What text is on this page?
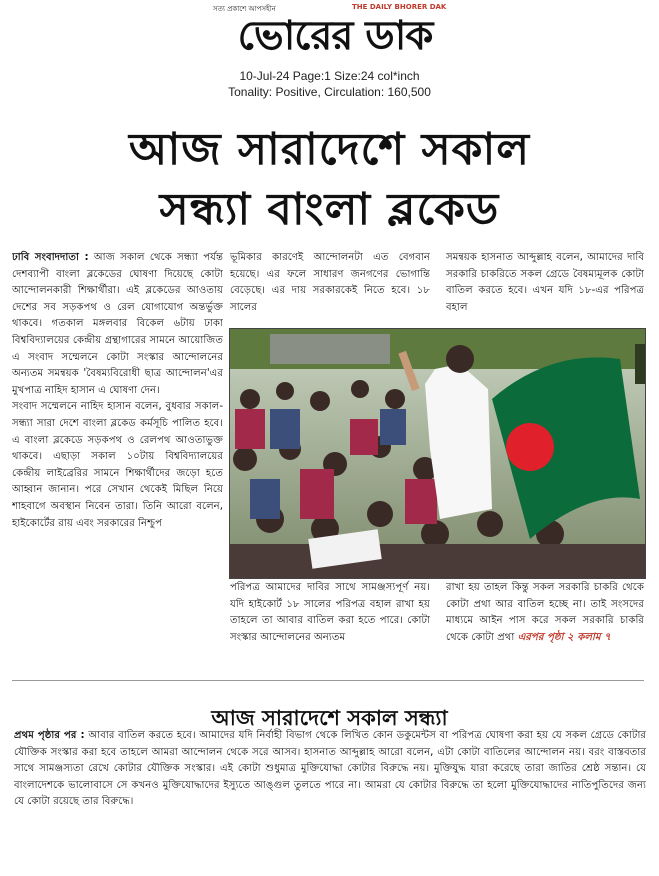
সত্য প্রকাশে আপসহীন	THE DAILY BHORER DAK
ভোরের ডাক
10-Jul-24 Page:1 Size:24 col*inch
Tonality: Positive, Circulation: 160,500
আজ সারাদেশে সকাল
সন্ধ্যা বাংলা ব্লকেড

ঢাবি সংবাদদাতা : আজ সকাল থেকে সন্ধ্যা পর্যন্ত দেশব্যাপী বাংলা ব্লকেডের ঘোষণা দিয়েছে কোটা আন্দোলনকারী শিক্ষার্থীরা। এই ব্লকেডের আওতায় দেশের সব সড়কপথ ও রেল যোগাযোগ অন্তর্ভুক্ত থাকবে। গতকাল মঙ্গলবার বিকেল ৬টায় ঢাকা বিশ্ববিদ্যালয়ের কেন্দ্রীয় গ্রন্থাগারের সামনে আয়োজিত এ সংবাদ সম্মেলনে কোটা সংস্কার আন্দোলনের অন্যতম সমন্বয়ক 'বৈষম্যবিরোধী ছাত্র আন্দোলন'এর মুখপাত্র নাহিদ হাসান এ ঘোষণা দেন।

সংবাদ সম্মেলনে নাহিদ হাসান বলেন, বুধবার সকাল-সন্ধ্যা সারা দেশে বাংলা ব্লকেড কর্মসূচি পালিত হবে। এ বাংলা ব্লকেডে সড়কপথ ও রেলপথ আওতাভুক্ত থাকবে। এছাড়া সকাল ১০টায় বিশ্ববিদ্যালয়ের কেন্দ্রীয় লাইব্রেরির সামনে শিক্ষার্থীদের জড়ো হতে আহ্বান জানান। পরে সেখান থেকেই মিছিল নিয়ে শাহবাগে অবস্থান নিবেন তারা। তিনি আরো বলেন, হাইকোর্টের রায় এবং সরকারের নিশ্চুপ

ভূমিকার কারণেই আন্দোলনটা এত বেগবান হয়েছে। এর ফলে সাধারণ জনগণের ভোগান্তি বেড়েছে। এর দায় সরকারকেই নিতে হবে। ১৮ সালের

সমন্বয়ক হাসনাত আব্দুল্লাহ বলেন, আমাদের দাবি সরকারি চাকরিতে সকল গ্রেডে বৈষম্যমূলক কোটা বাতিল করতে হবে। এখন যদি ১৮-এর পরিপত্র বহাল

পরিপত্র আমাদের দাবির সাথে সামঞ্জস্যপূর্ণ নয়। যদি হাইকোর্ট ১৮ সালের পরিপত্র বহাল রাখা হয় তাহলে তা আবার বাতিল করা হতে পারে। কোটা সংস্কার আন্দোলনের অন্যতম

রাখা হয় তাহল কিন্তু সকল সরকারি চাকরি থেকে কোটা প্রথা আর বাতিল হচ্ছে না। তাই সংসদের মাধ্যমে আইন পাস করে সকল সরকারি চাকরি থেকে কোটা প্রথা এরপর পৃষ্ঠা ২ কলাম ৭

আজ সারাদেশে সকাল সন্ধ্যা
প্রথম পৃষ্ঠার পর : আবার বাতিল করতে হবে। আমাদের যদি নির্বাহী বিভাগ থেকে লিখিত কোন ডকুমেন্টস বা পরিপত্র ঘোষণা করা হয় যে সকল গ্রেডে কোটার যৌক্তিক সংস্কার করা হবে তাহলে আমরা আন্দোলন থেকে সরে আসব। হাসনাত আব্দুল্লাহ আরো বলেন, এটা কোটা বাতিলের আন্দোলন নয়। বরং বাস্তবতার সাথে সামঞ্জস্যতা রেখে কোটার যৌক্তিক সংস্কার। এই কোটা শুধুমাত্র মুক্তিযোদ্ধা কোটার বিরুদ্ধে নয়। মুক্তিযুদ্ধ যারা করেছে তারা জাতির শ্রেষ্ঠ সন্তান। যে বাংলাদেশকে ভালোবাসে সে কখনও মুক্তিযোদ্ধাদের ইস্যুতে আঙ্গুল তুলতে পারে না। আমরা যে কোটার বিরুদ্ধে তা হলো মুক্তিযোদ্ধাদের নাতিপুতিদের জন্য যে কোটা রয়েছে তার বিরুদ্ধে।
